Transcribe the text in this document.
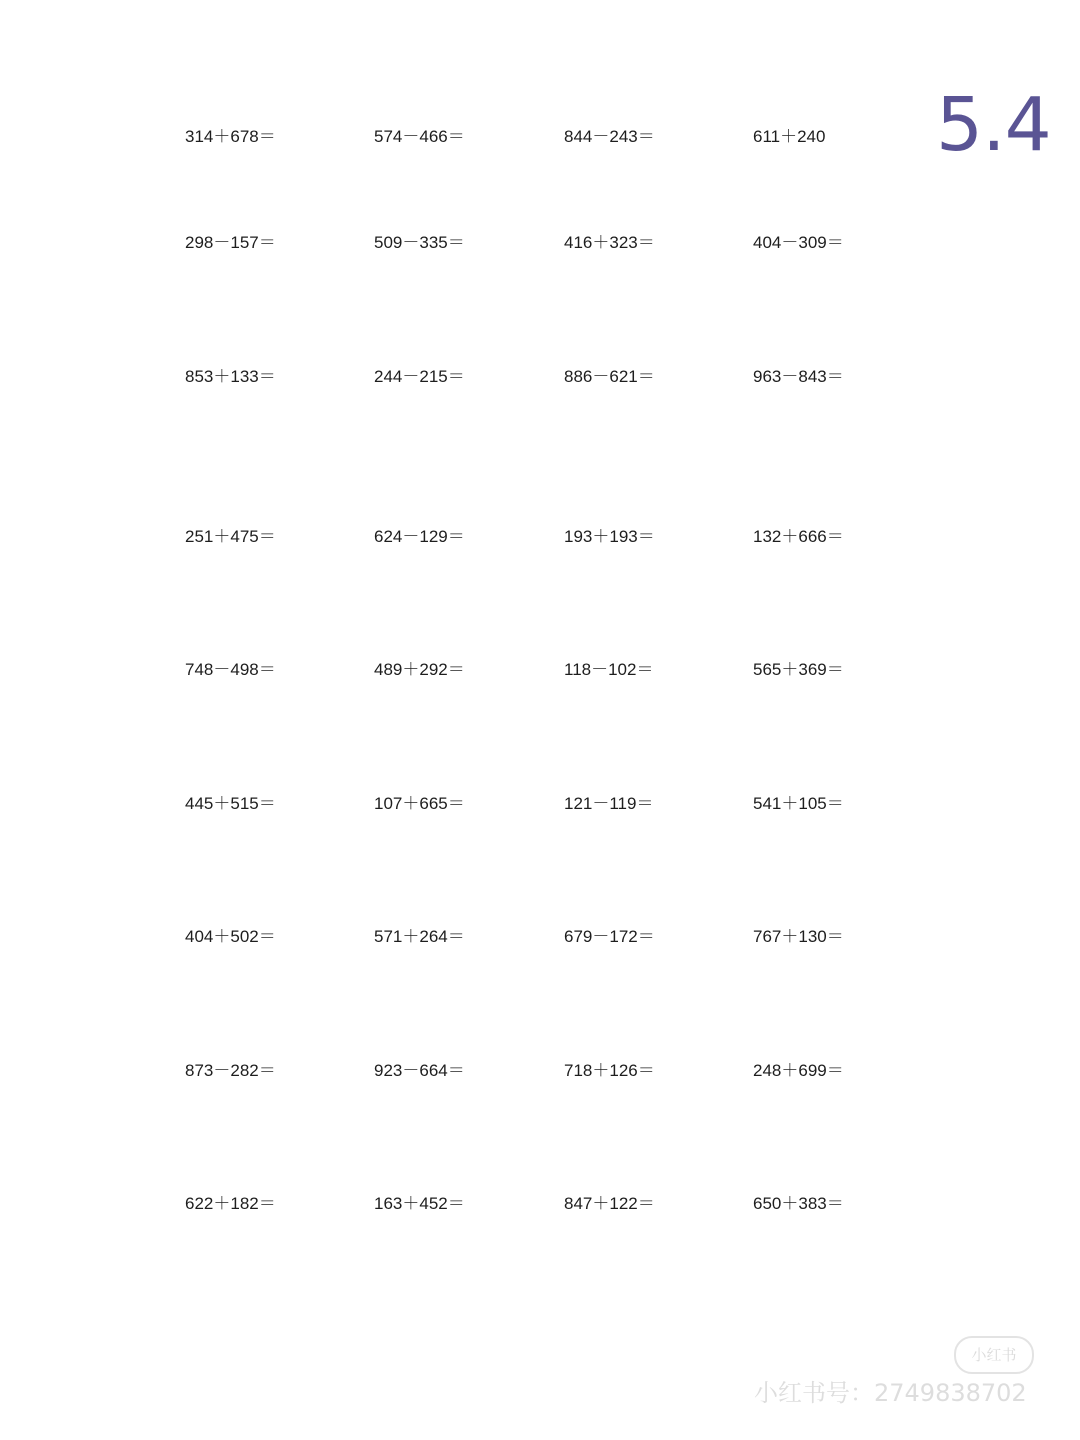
5.4
314＋678＝	574－466＝	844－243＝	611＋240
298－157＝	509－335＝	416＋323＝	404－309＝
853＋133＝	244－215＝	886－621＝	963－843＝
251＋475＝	624－129＝	193＋193＝	132＋666＝
748－498＝	489＋292＝	118－102＝	565＋369＝
445＋515＝	107＋665＝	121－119＝	541＋105＝
404＋502＝	571＋264＝	679－172＝	767＋130＝
873－282＝	923－664＝	718＋126＝	248＋699＝
622＋182＝	163＋452＝	847＋122＝	650＋383＝
小红书
小红书号：2749838702
